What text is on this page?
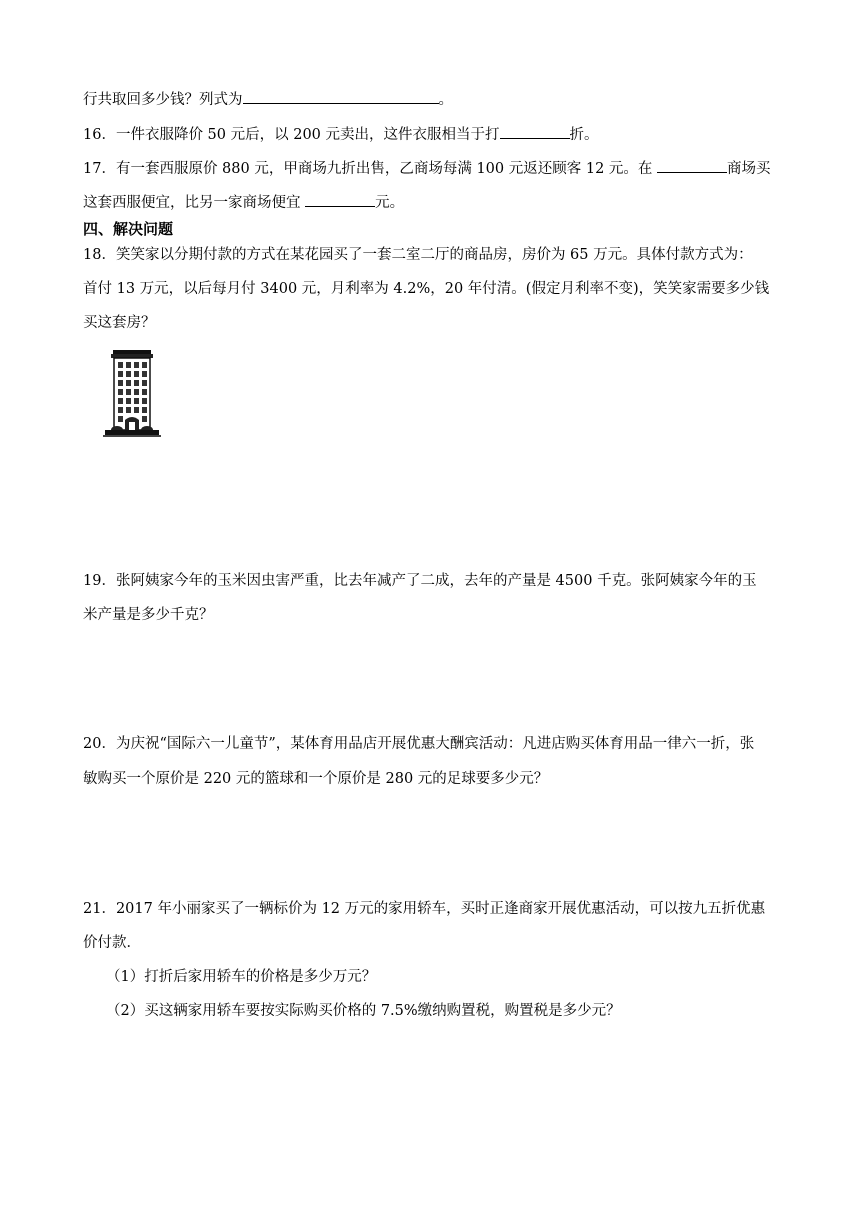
行共取回多少钱？列式为	。
16．一件衣服降价 50 元后，以 200 元卖出，这件衣服相当于打	折。
17．有一套西服原价 880 元，甲商场九折出售，乙商场每满 100 元返还顾客 12 元。在	商场买
这套西服便宜，比另一家商场便宜	元。
四、解决问题
18．笑笑家以分期付款的方式在某花园买了一套二室二厅的商品房，房价为 65 万元。具体付款方式为：
首付 13 万元，以后每月付 3400 元，月利率为 4.2%，20 年付清。(假定月利率不变)，笑笑家需要多少钱
买这套房？
19．张阿姨家今年的玉米因虫害严重，比去年减产了二成，去年的产量是 4500 千克。张阿姨家今年的玉
米产量是多少千克？
20．为庆祝“国际六一儿童节”，某体育用品店开展优惠大酬宾活动：凡进店购买体育用品一律六一折，张
敏购买一个原价是 220 元的篮球和一个原价是 280 元的足球要多少元？
21．2017 年小丽家买了一辆标价为 12 万元的家用轿车，买时正逢商家开展优惠活动，可以按九五折优惠
价付款．
（1）打折后家用轿车的价格是多少万元？
（2）买这辆家用轿车要按实际购买价格的 7.5%缴纳购置税，购置税是多少元？
